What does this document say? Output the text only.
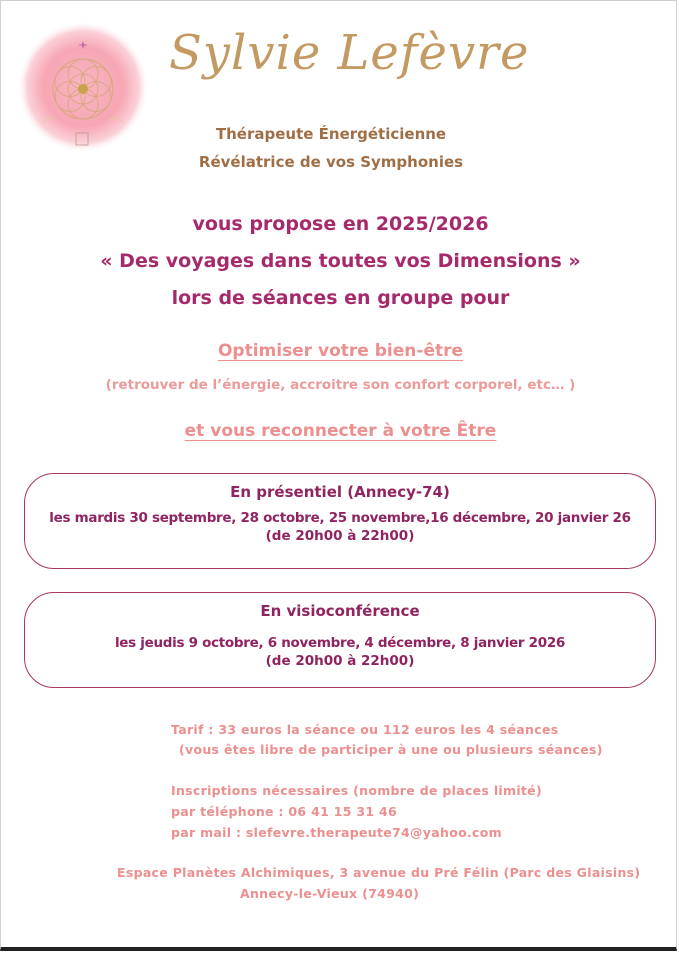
Sylvie Lefèvre
Thérapeute Énergéticienne
Révélatrice de vos Symphonies
vous propose en 2025/2026
« Des voyages dans toutes vos Dimensions »
lors de séances en groupe pour
Optimiser votre bien-être
(retrouver de l’énergie, accroitre son confort corporel, etc… )
et vous reconnecter à votre Être
En présentiel (Annecy-74)
les mardis 30 septembre, 28 octobre, 25 novembre,16 décembre, 20 janvier 26
(de 20h00 à 22h00)
En visioconférence
les jeudis 9 octobre, 6 novembre, 4 décembre, 8 janvier 2026
(de 20h00 à 22h00)
Tarif : 33 euros la séance ou 112 euros les 4 séances
(vous êtes libre de participer à une ou plusieurs séances)
Inscriptions nécessaires (nombre de places limité)
par téléphone : 06 41 15 31 46
par mail : slefevre.therapeute74@yahoo.com
Espace Planètes Alchimiques, 3 avenue du Pré Félin (Parc des Glaisins)
Annecy-le-Vieux (74940)
